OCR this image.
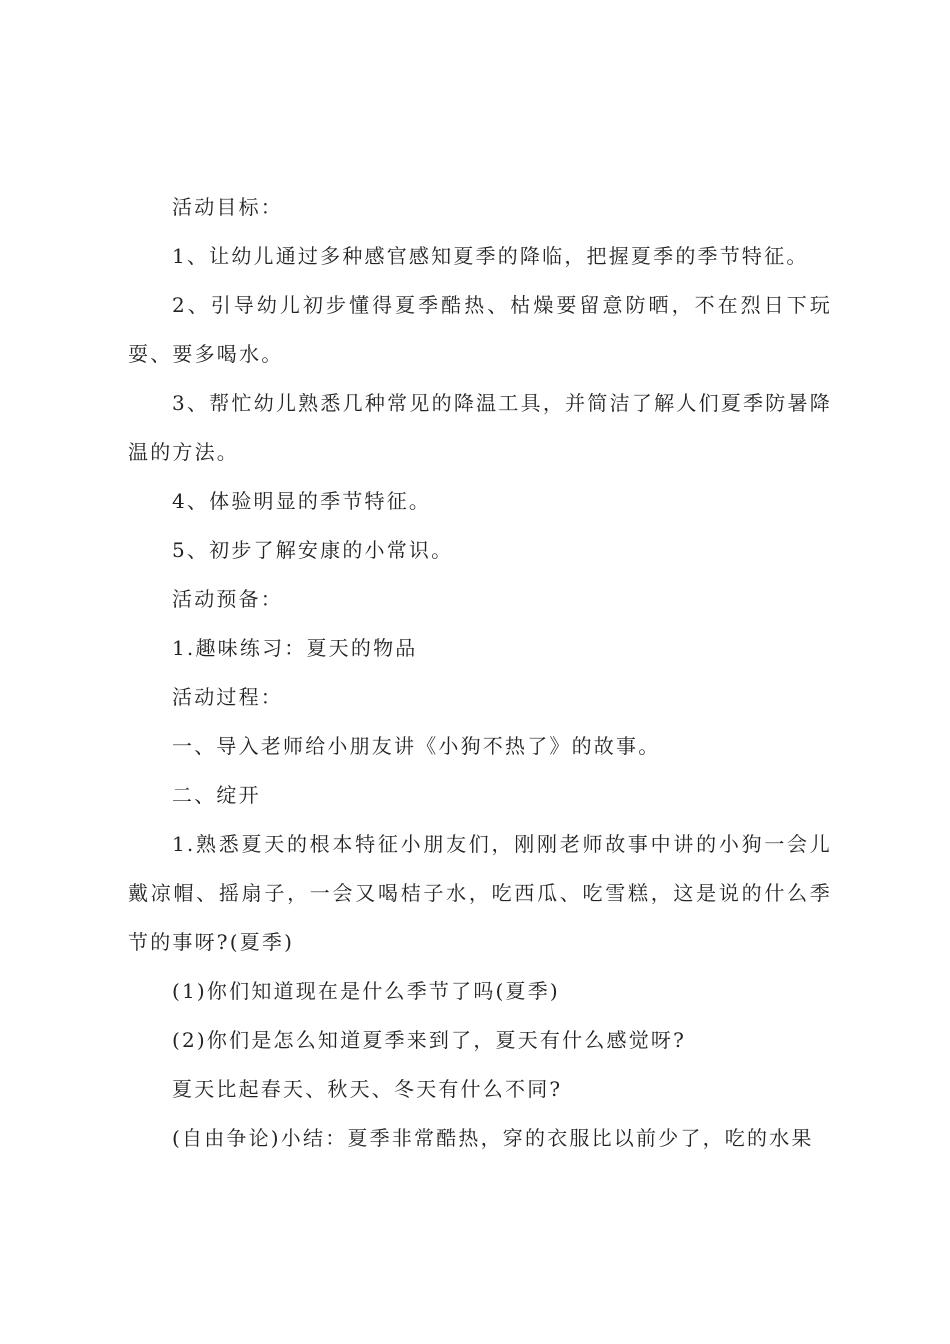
活动目标：

1、让幼儿通过多种感官感知夏季的降临，把握夏季的季节特征。

2、引导幼儿初步懂得夏季酷热、枯燥要留意防晒，不在烈日下玩耍、要多喝水。

3、帮忙幼儿熟悉几种常见的降温工具，并简洁了解人们夏季防暑降温的方法。

4、体验明显的季节特征。

5、初步了解安康的小常识。

活动预备：

1.趣味练习：夏天的物品

活动过程：

一、导入老师给小朋友讲《小狗不热了》的故事。

二、绽开

1.熟悉夏天的根本特征小朋友们，刚刚老师故事中讲的小狗一会儿戴凉帽、摇扇子，一会又喝桔子水，吃西瓜、吃雪糕，这是说的什么季节的事呀?(夏季)

(1)你们知道现在是什么季节了吗(夏季)

(2)你们是怎么知道夏季来到了，夏天有什么感觉呀?

夏天比起春天、秋天、冬天有什么不同?

(自由争论)小结：夏季非常酷热，穿的衣服比以前少了，吃的水果
